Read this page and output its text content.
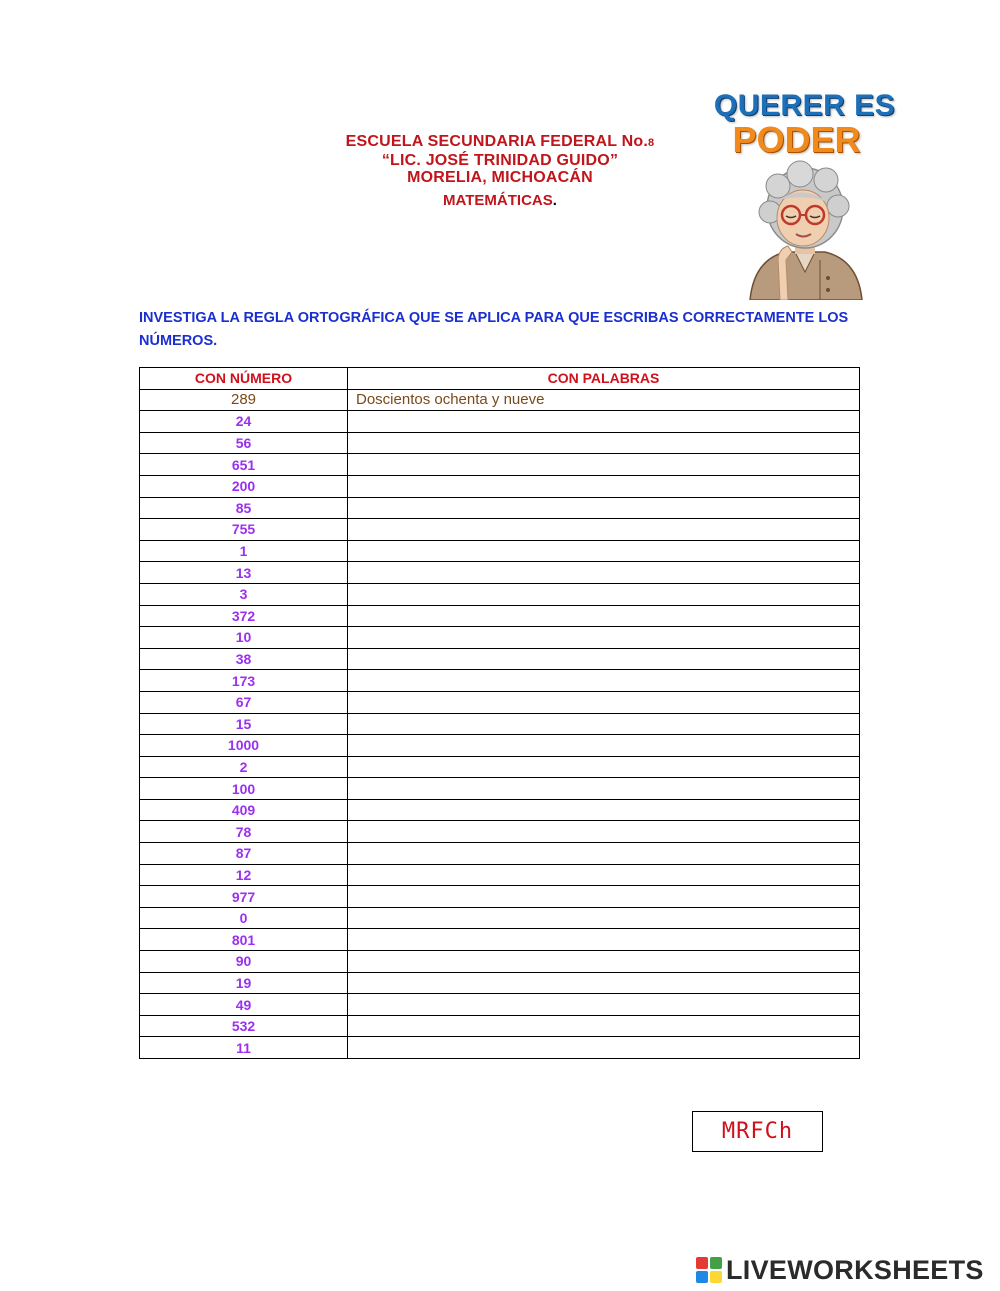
ESCUELA SECUNDARIA FEDERAL No.8
“LIC. JOSÉ TRINIDAD GUIDO”
MORELIA, MICHOACÁN
MATEMÁTICAS.
QUERER ES
PODER
INVESTIGA LA REGLA ORTOGRÁFICA QUE SE APLICA PARA QUE ESCRIBAS CORRECTAMENTE LOS NÚMEROS.
CON NÚMERO	CON PALABRAS
289	Doscientos ochenta y nueve
24	
56	
651	
200	
85	
755	
1	
13	
3	
372	
10	
38	
173	
67	
15	
1000	
2	
100	
409	
78	
87	
12	
977	
0	
801	
90	
19	
49	
532	
11	
MRFCh
LIVEWORKSHEETS
